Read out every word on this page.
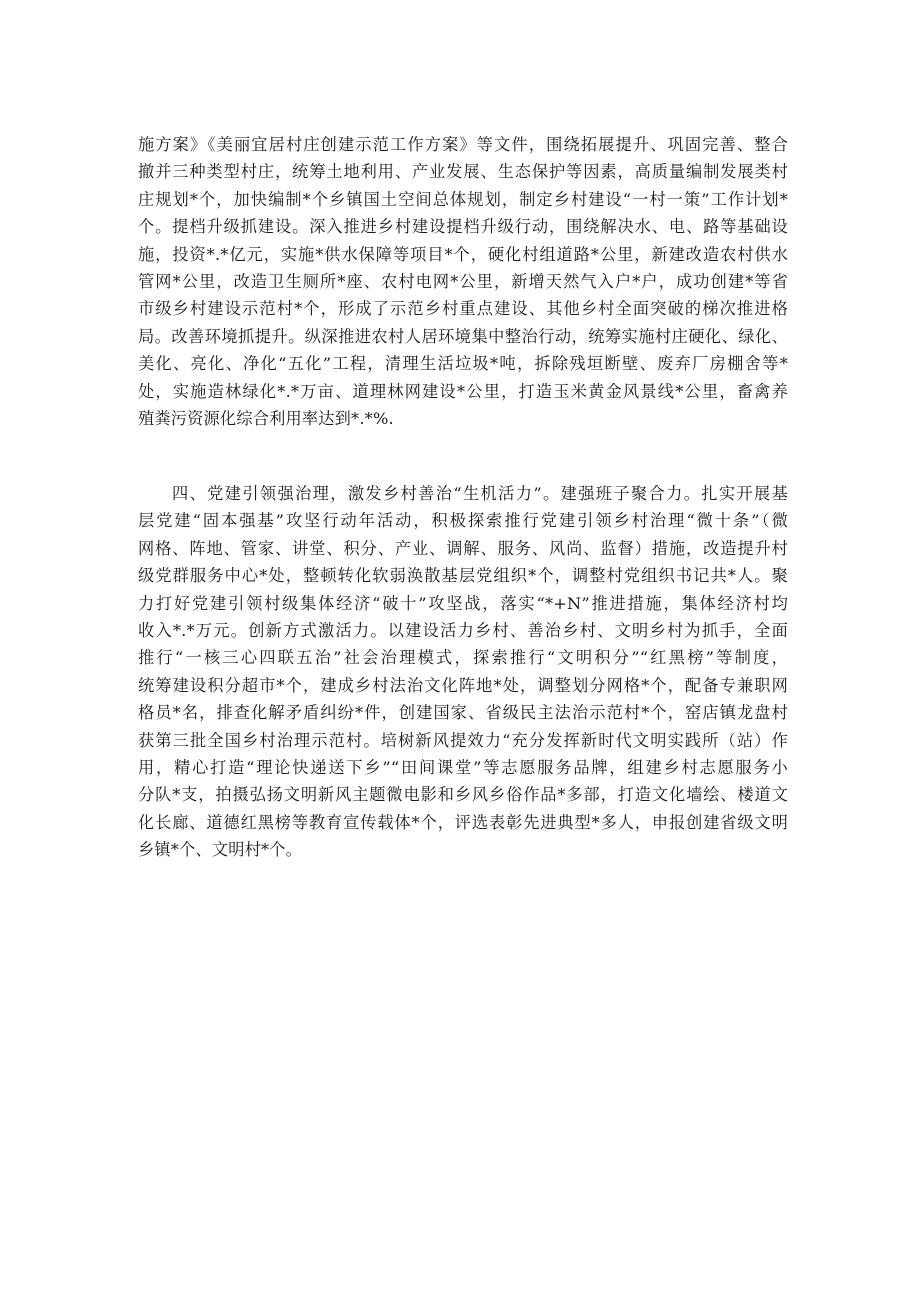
施方案》《美丽宜居村庄创建示范工作方案》等文件，围绕拓展提升、巩固完善、整合
撤并三种类型村庄，统筹土地利用、产业发展、生态保护等因素，高质量编制发展类村
庄规划*个，加快编制*个乡镇国土空间总体规划，制定乡村建设“一村一策”工作计划*
个。提档升级抓建设。深入推进乡村建设提档升级行动，围绕解决水、电、路等基础设
施，投资*.*亿元，实施*供水保障等项目*个，硬化村组道路*公里，新建改造农村供水
管网*公里，改造卫生厕所*座、农村电网*公里，新增天然气入户*户，成功创建*等省
市级乡村建设示范村*个，形成了示范乡村重点建设、其他乡村全面突破的梯次推进格
局。改善环境抓提升。纵深推进农村人居环境集中整治行动，统筹实施村庄硬化、绿化、
美化、亮化、净化“五化”工程，清理生活垃圾*吨，拆除残垣断壁、废弃厂房棚舍等*
处，实施造林绿化*.*万亩、道理林网建设*公里，打造玉米黄金风景线*公里，畜禽养
殖粪污资源化综合利用率达到*.*%.
四、党建引领强治理，激发乡村善治“生机活力”。建强班子聚合力。扎实开展基
层党建“固本强基”攻坚行动年活动，积极探索推行党建引领乡村治理“微十条”（微
网格、阵地、管家、讲堂、积分、产业、调解、服务、风尚、监督）措施，改造提升村
级党群服务中心*处，整顿转化软弱涣散基层党组织*个，调整村党组织书记共*人。聚
力打好党建引领村级集体经济“破十”攻坚战，落实“*+N”推进措施，集体经济村均
收入*.*万元。创新方式激活力。以建设活力乡村、善治乡村、文明乡村为抓手，全面
推行“一核三心四联五治”社会治理模式，探索推行“文明积分”“红黑榜”等制度，
统筹建设积分超市*个，建成乡村法治文化阵地*处，调整划分网格*个，配备专兼职网
格员*名，排查化解矛盾纠纷*件，创建国家、省级民主法治示范村*个，窑店镇龙盘村
获第三批全国乡村治理示范村。培树新风提效力“充分发挥新时代文明实践所（站）作
用，精心打造“理论快递送下乡”“田间课堂”等志愿服务品牌，组建乡村志愿服务小
分队*支，拍摄弘扬文明新风主题微电影和乡风乡俗作品*多部，打造文化墙绘、楼道文
化长廊、道德红黑榜等教育宣传载体*个，评选表彰先进典型*多人，申报创建省级文明
乡镇*个、文明村*个。
